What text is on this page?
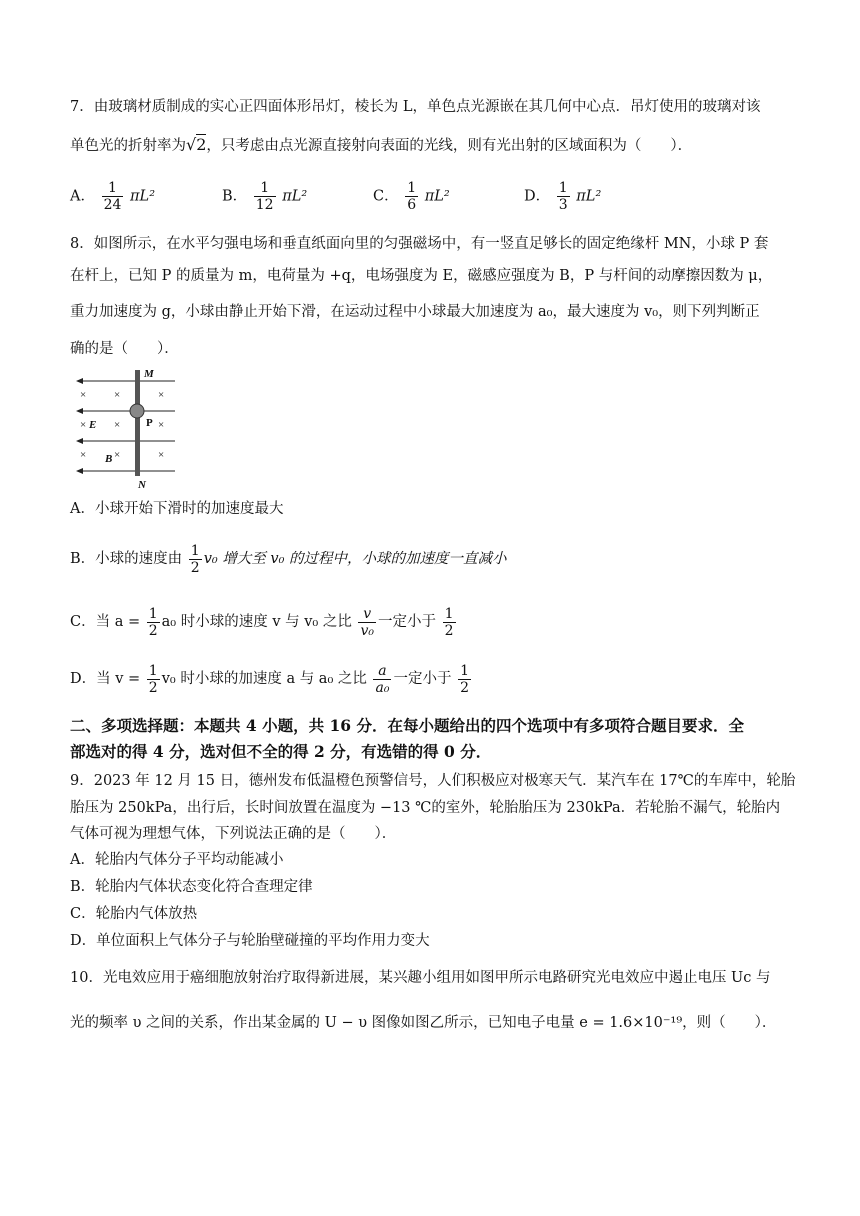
7．由玻璃材质制成的实心正四面体形吊灯，棱长为 L，单色点光源嵌在其几何中心点．吊灯使用的玻璃对该
单色光的折射率为√2，只考虑由点光源直接射向表面的光线，则有光出射的区域面积为（　　）．
A． $\frac{1}{24} \pi L^2$	B． $\frac{1}{12} \pi L^2$	C． $\frac{1}{6} \pi L^2$	D． $\frac{1}{3} \pi L^2$
8．如图所示，在水平匀强电场和垂直纸面向里的匀强磁场中，有一竖直足够长的固定绝缘杆 MN，小球 P 套
在杆上，已知 P 的质量为 m，电荷量为 +q，电场强度为 E，磁感应强度为 B，P 与杆间的动摩擦因数为 μ，
重力加速度为 g，小球由静止开始下滑，在运动过程中小球最大加速度为 a₀，最大速度为 v₀，则下列判断正
确的是（　　）．
×	×	×
×	×	×
×	×	×
M
N
P
E
B
A．小球开始下滑时的加速度最大
B．小球的速度由 $\frac{1}{2} v_0$ 增大至 v₀ 的过程中，小球的加速度一直减小
C．当 $a = \frac{1}{2} a_0$ 时小球的速度 v 与 v₀ 之比 $\frac{v}{\text{v₀}}$ 一定小于 $\frac{1}{2}$
D．当 $v = \frac{1}{2} v_0$ 时小球的加速度 a 与 a₀ 之比 $\frac{a}{\text{a₀}}$ 一定小于 $\frac{1}{2}$
二、多项选择题：本题共 4 小题，共 16 分．在每小题给出的四个选项中有多项符合题目要求．全
部选对的得 4 分，选对但不全的得 2 分，有选错的得 0 分．
9．2023 年 12 月 15 日，德州发布低温橙色预警信号，人们积极应对极寒天气．某汽车在 17℃的车库中，轮胎
胎压为 250kPa，出行后，长时间放置在温度为 −13 ℃的室外，轮胎胎压为 230kPa．若轮胎不漏气，轮胎内
气体可视为理想气体，下列说法正确的是（　　）．
A．轮胎内气体分子平均动能减小
B．轮胎内气体状态变化符合查理定律
C．轮胎内气体放热
D．单位面积上气体分子与轮胎壁碰撞的平均作用力变大
10．光电效应用于癌细胞放射治疗取得新进展，某兴趣小组用如图甲所示电路研究光电效应中遏止电压 Uc 与
光的频率 υ 之间的关系，作出某金属的 U − υ 图像如图乙所示，已知电子电量 e = 1.6×10⁻¹⁹，则（　　）．
